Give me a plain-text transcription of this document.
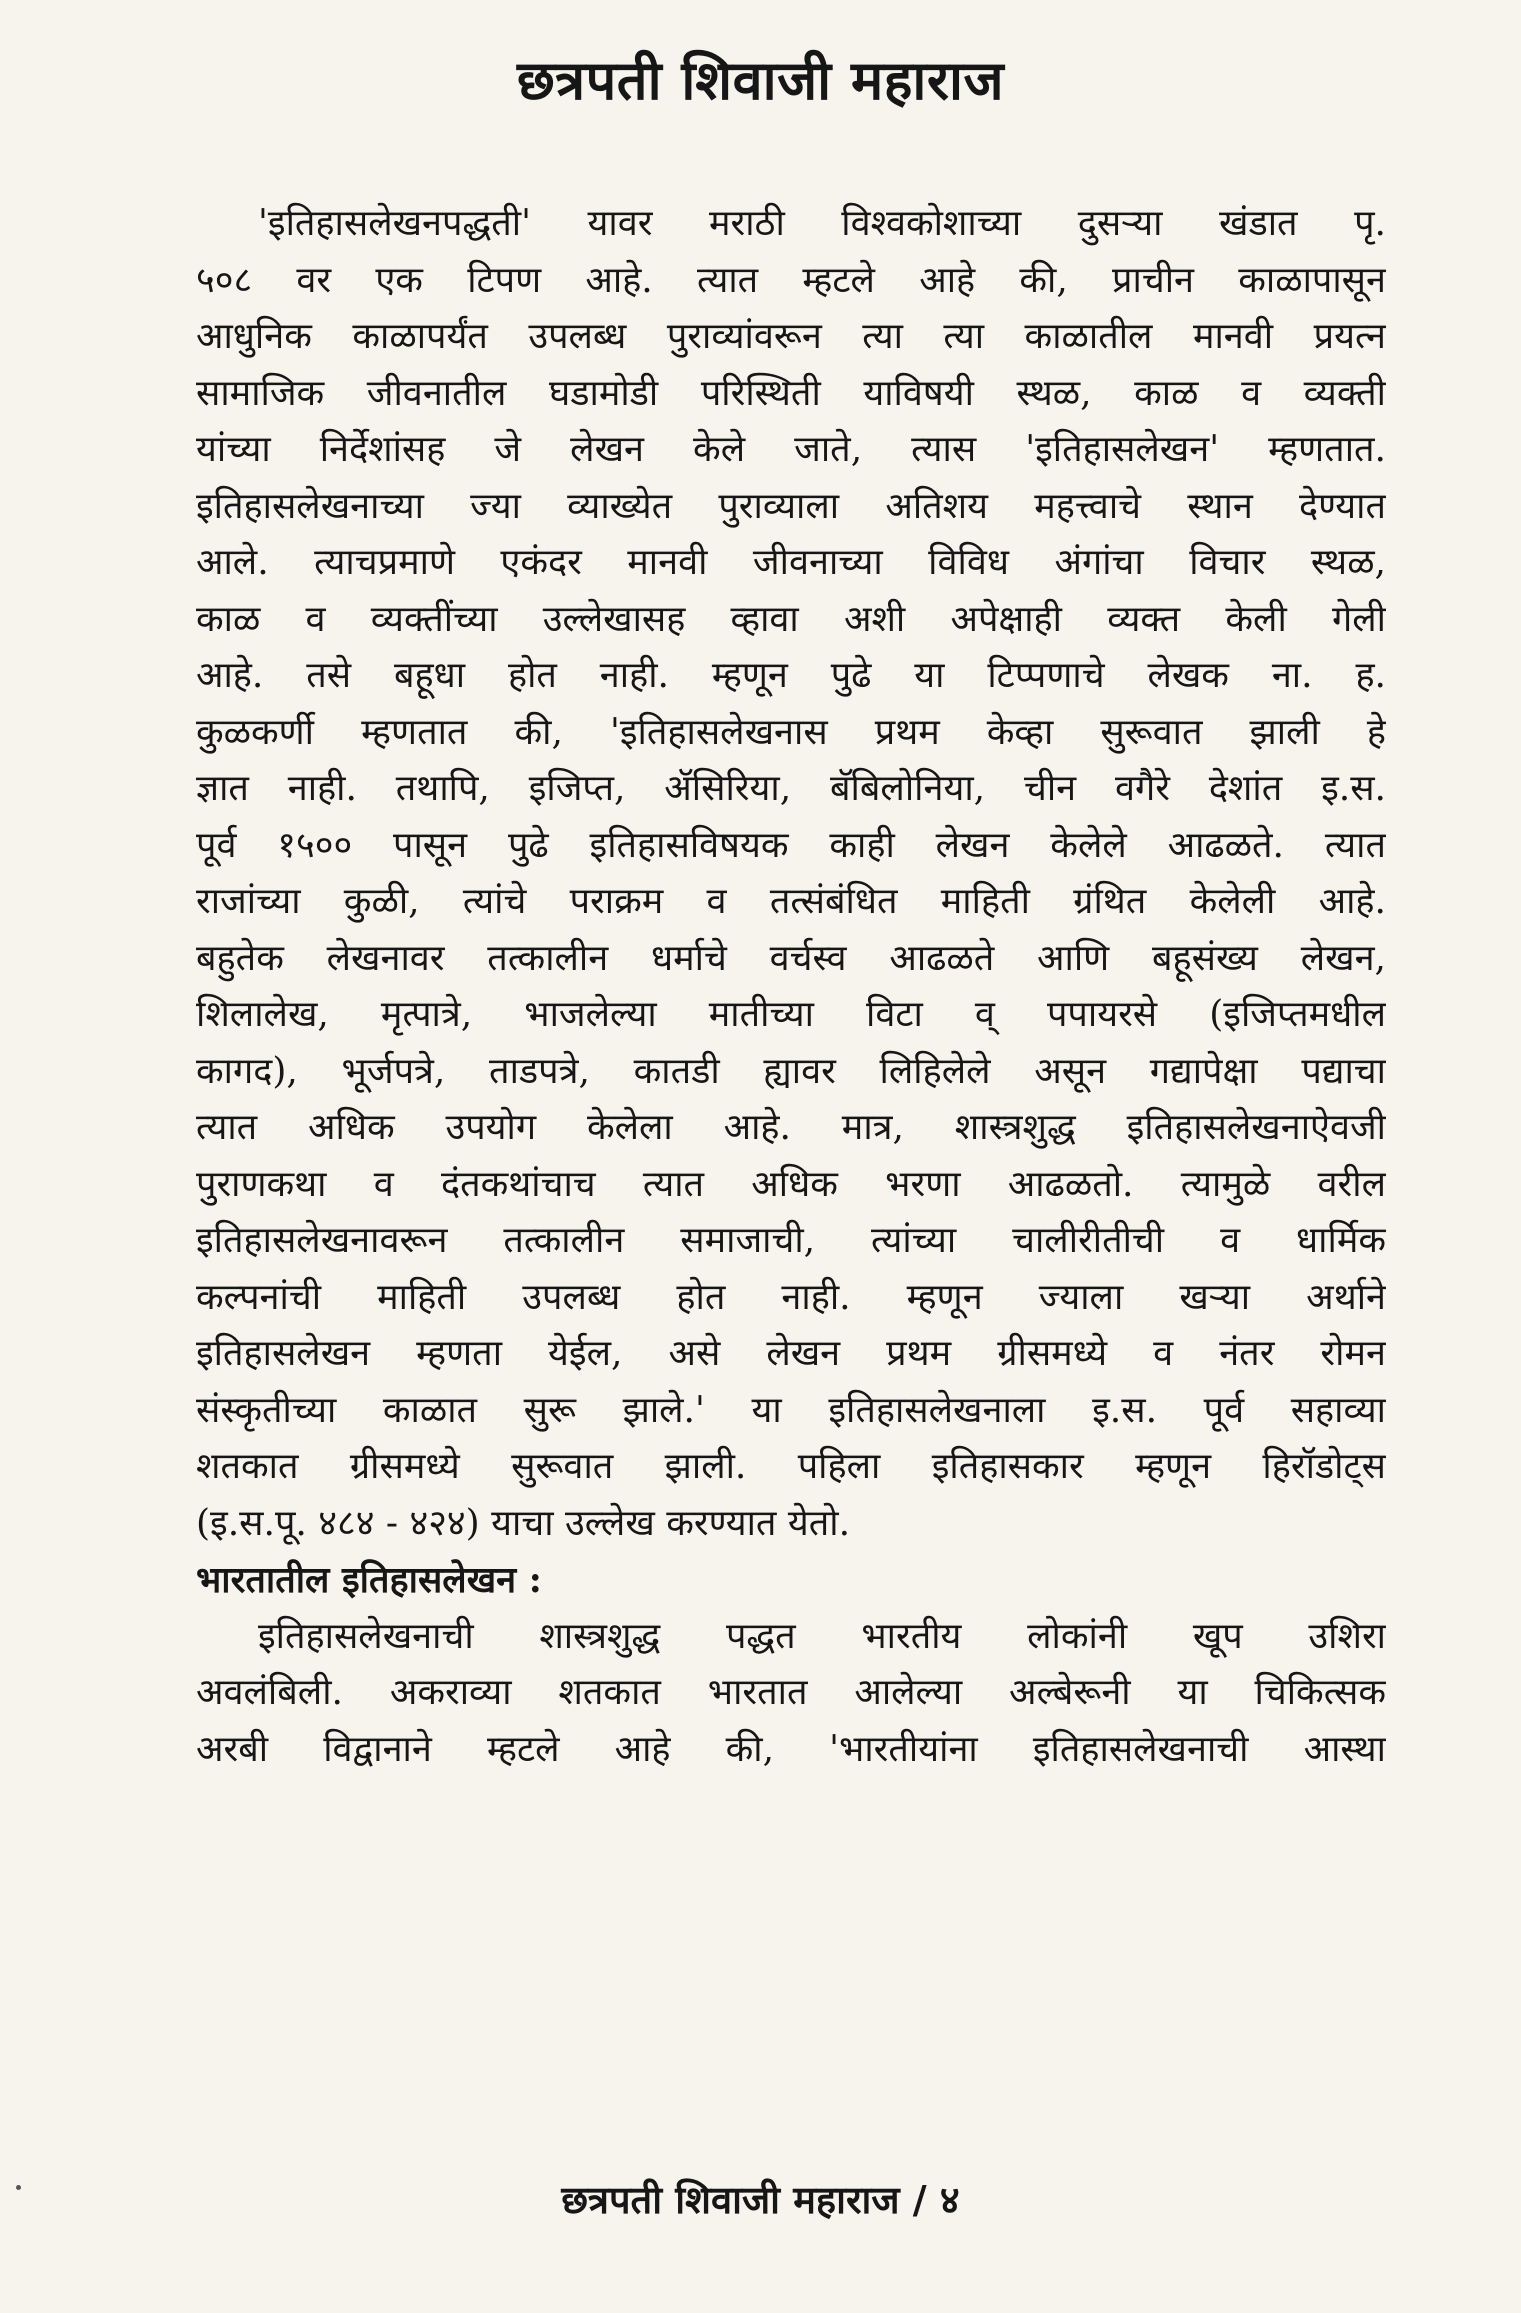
छत्रपती शिवाजी महाराज
'इतिहासलेखनपद्धती' यावर मराठी विश्वकोशाच्या दुसऱ्या खंडात पृ.
५०८ वर एक टिपण आहे. त्यात म्हटले आहे की, प्राचीन काळापासून
आधुनिक काळापर्यंत उपलब्ध पुराव्यांवरून त्या त्या काळातील मानवी प्रयत्न
सामाजिक जीवनातील घडामोडी परिस्थिती याविषयी स्थळ, काळ व व्यक्ती
यांच्या निर्देशांसह जे लेखन केले जाते, त्यास 'इतिहासलेखन' म्हणतात.
इतिहासलेखनाच्या ज्या व्याख्येत पुराव्याला अतिशय महत्त्वाचे स्थान देण्यात
आले. त्याचप्रमाणे एकंदर मानवी जीवनाच्या विविध अंगांचा विचार स्थळ,
काळ व व्यक्तींच्या उल्लेखासह व्हावा अशी अपेक्षाही व्यक्त केली गेली
आहे. तसे बहूधा होत नाही. म्हणून पुढे या टिप्पणाचे लेखक ना. ह.
कुळकर्णी म्हणतात की, 'इतिहासलेखनास प्रथम केव्हा सुरूवात झाली हे
ज्ञात नाही. तथापि, इजिप्त, ॲसिरिया, बॅबिलोनिया, चीन वगैरे देशांत इ.स.
पूर्व १५०० पासून पुढे इतिहासविषयक काही लेखन केलेले आढळते. त्यात
राजांच्या कुळी, त्यांचे पराक्रम व तत्संबंधित माहिती ग्रंथित केलेली आहे.
बहुतेक लेखनावर तत्कालीन धर्माचे वर्चस्व आढळते आणि बहूसंख्य लेखन,
शिलालेख, मृत्पात्रे, भाजलेल्या मातीच्या विटा व् पपायरसे (इजिप्तमधील
कागद), भूर्जपत्रे, ताडपत्रे, कातडी ह्यावर लिहिलेले असून गद्यापेक्षा पद्याचा
त्यात अधिक उपयोग केलेला आहे. मात्र, शास्त्रशुद्ध इतिहासलेखनाऐवजी
पुराणकथा व दंतकथांचाच त्यात अधिक भरणा आढळतो. त्यामुळे वरील
इतिहासलेखनावरून तत्कालीन समाजाची, त्यांच्या चालीरीतीची व धार्मिक
कल्पनांची माहिती उपलब्ध होत नाही. म्हणून ज्याला खऱ्या अर्थाने
इतिहासलेखन म्हणता येईल, असे लेखन प्रथम ग्रीसमध्ये व नंतर रोमन
संस्कृतीच्या काळात सुरू झाले.' या इतिहासलेखनाला इ.स. पूर्व सहाव्या
शतकात ग्रीसमध्ये सुरूवात झाली. पहिला इतिहासकार म्हणून हिरॉडोट्स
(इ.स.पू. ४८४ - ४२४) याचा उल्लेख करण्यात येतो.
भारतातील इतिहासलेखन :
इतिहासलेखनाची शास्त्रशुद्ध पद्धत भारतीय लोकांनी खूप उशिरा
अवलंबिली. अकराव्या शतकात भारतात आलेल्या अल्बेरूनी या चिकित्सक
अरबी विद्वानाने म्हटले आहे की, 'भारतीयांना इतिहासलेखनाची आस्था
छत्रपती शिवाजी महाराज / ४
